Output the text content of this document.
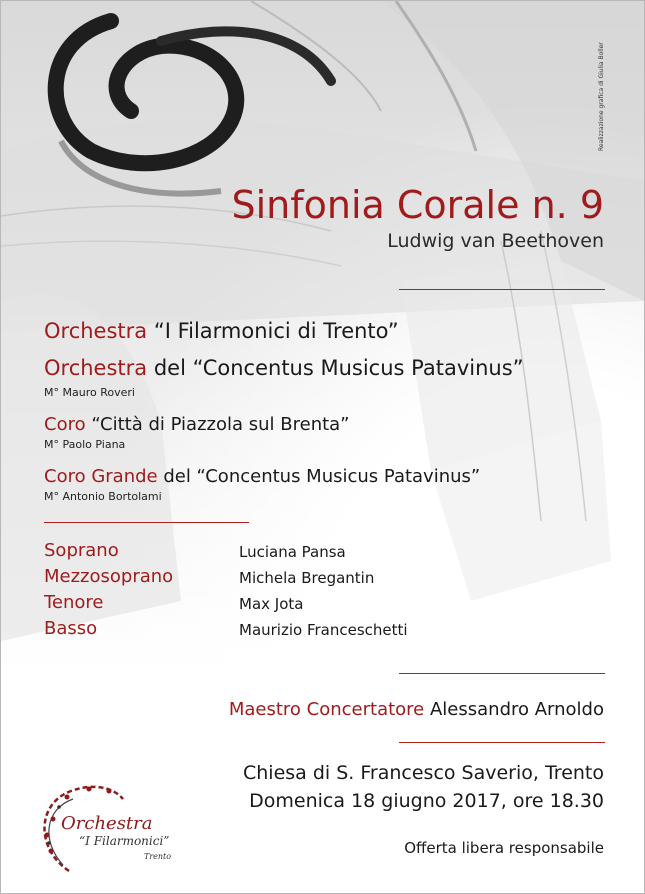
Realizzazione grafica di Giulia Boller
Sinfonia Corale n. 9
Ludwig van Beethoven
Orchestra “I Filarmonici di Trento”
Orchestra del “Concentus Musicus Patavinus”
M° Mauro Roveri
Coro “Città di Piazzola sul Brenta”
M° Paolo Piana
Coro Grande del “Concentus Musicus Patavinus”
M° Antonio Bortolami
Soprano	Luciana Pansa
Mezzosoprano	Michela Bregantin
Tenore	Max Jota
Basso	Maurizio Franceschetti
Maestro Concertatore Alessandro Arnoldo
Chiesa di S. Francesco Saverio, Trento
Domenica 18 giugno 2017, ore 18.30
Offerta libera responsabile
Orchestra
“I Filarmonici”
Trento
